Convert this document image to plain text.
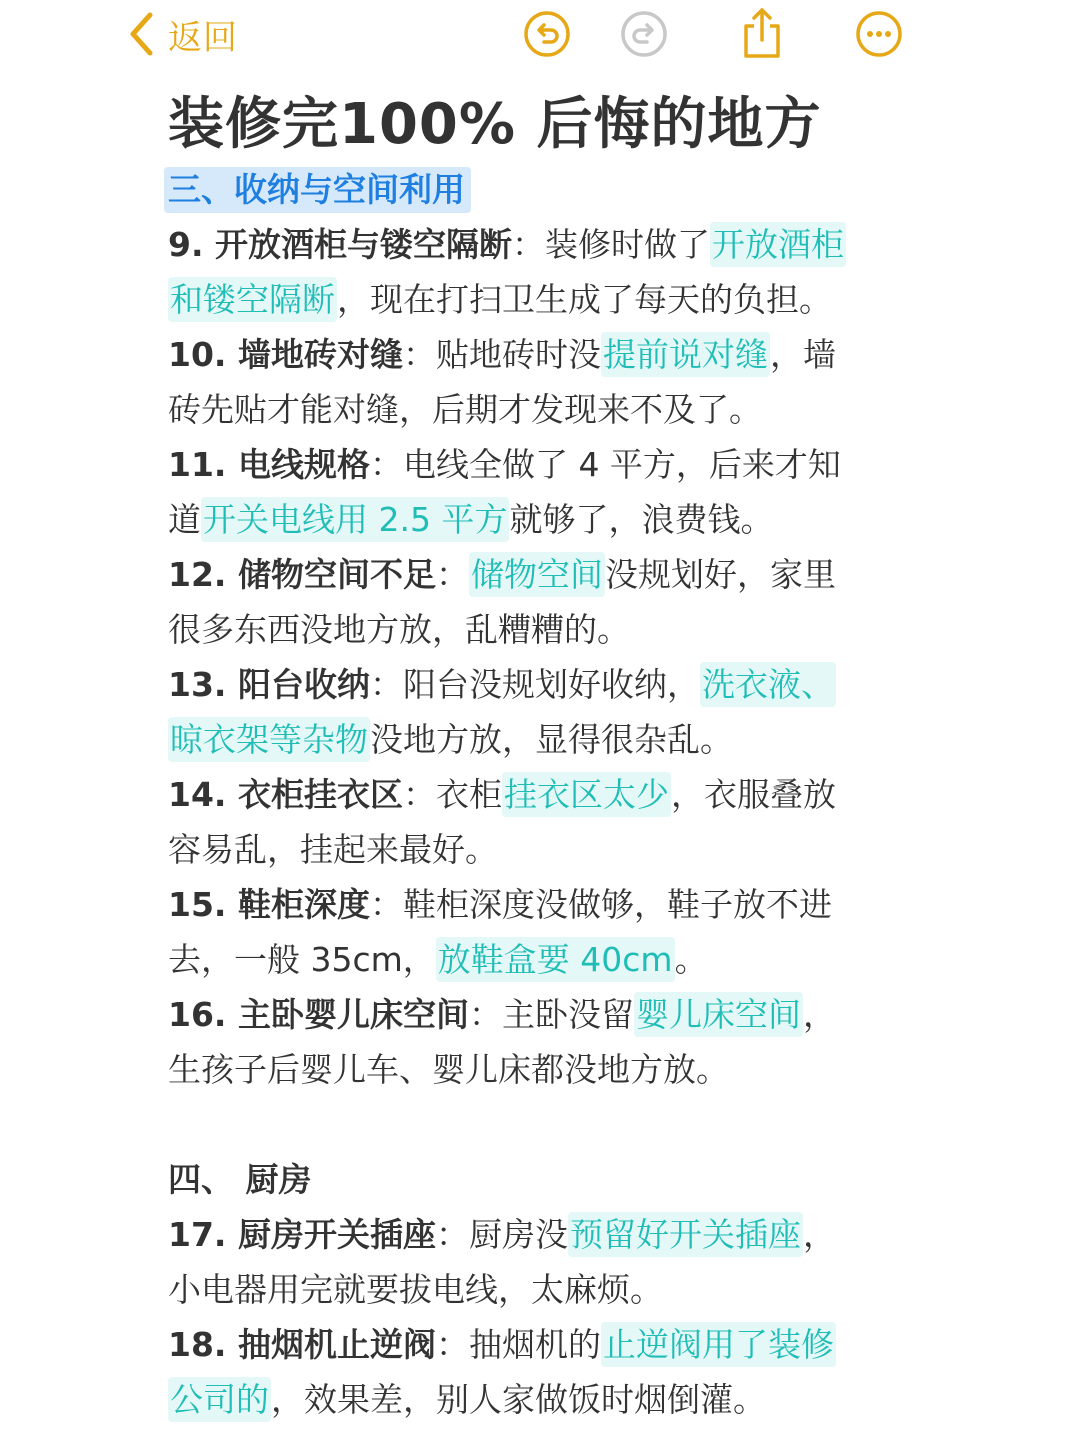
返回
装修完100% 后悔的地方
三、收纳与空间利用
9. 开放酒柜与镂空隔断：装修时做了开放酒柜
和镂空隔断，现在打扫卫生成了每天的负担。
10. 墙地砖对缝：贴地砖时没提前说对缝，墙
砖先贴才能对缝，后期才发现来不及了。
11. 电线规格：电线全做了 4 平方，后来才知
道开关电线用 2.5 平方就够了，浪费钱。
12. 储物空间不足：储物空间没规划好，家里
很多东西没地方放，乱糟糟的。
13. 阳台收纳：阳台没规划好收纳，洗衣液、
晾衣架等杂物没地方放，显得很杂乱。
14. 衣柜挂衣区：衣柜挂衣区太少，衣服叠放
容易乱，挂起来最好。
15. 鞋柜深度：鞋柜深度没做够，鞋子放不进
去，一般 35cm，放鞋盒要 40cm。
16. 主卧婴儿床空间：主卧没留婴儿床空间，
生孩子后婴儿车、婴儿床都没地方放。
四、 厨房
17. 厨房开关插座：厨房没预留好开关插座，
小电器用完就要拔电线，太麻烦。
18. 抽烟机止逆阀：抽烟机的止逆阀用了装修
公司的，效果差，别人家做饭时烟倒灌。
